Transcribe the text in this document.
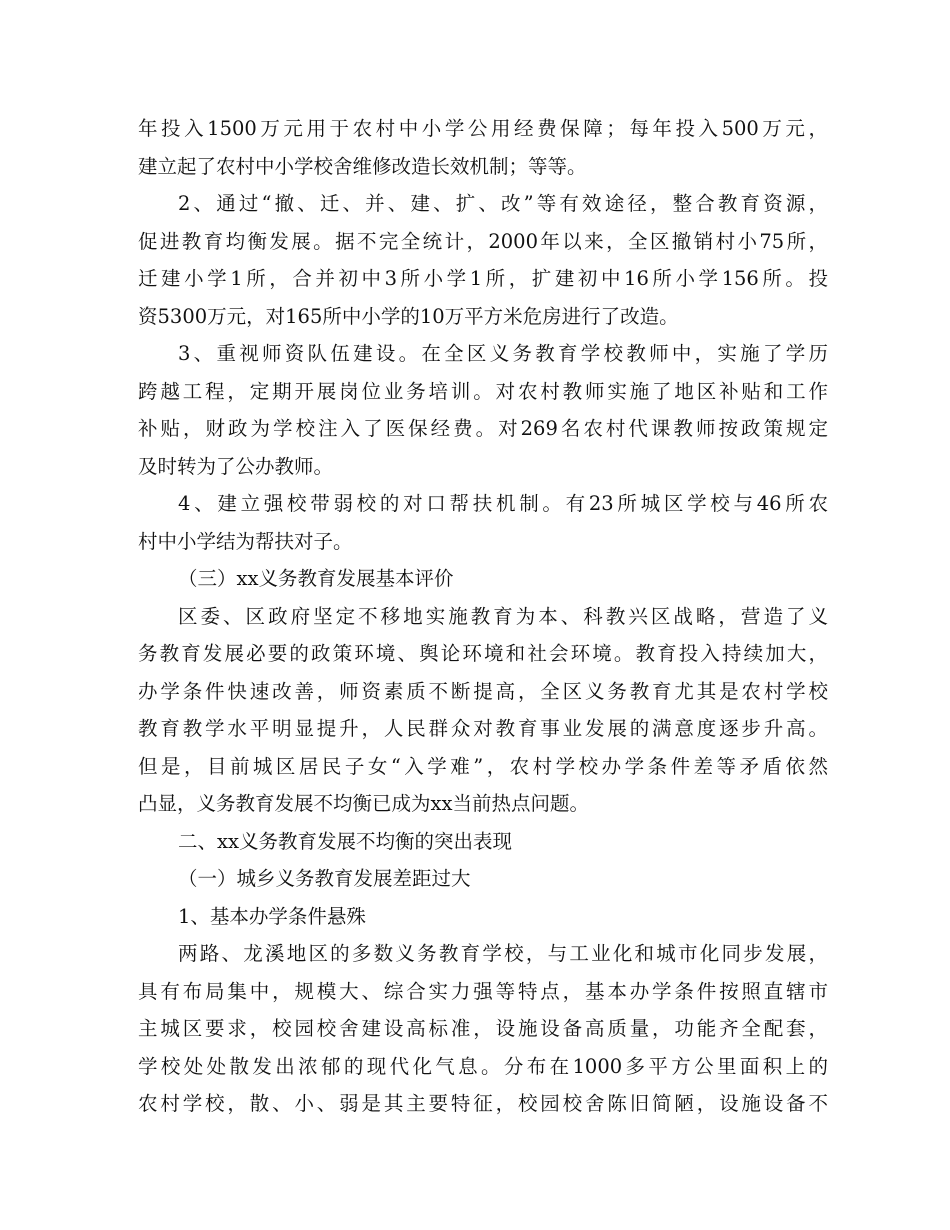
年投入1500万元用于农村中小学公用经费保障；每年投入500万元，
建立起了农村中小学校舍维修改造长效机制；等等。
2、通过“撤、迁、并、建、扩、改”等有效途径，整合教育资源，
促进教育均衡发展。据不完全统计，2000年以来，全区撤销村小75所，
迁建小学1所，合并初中3所小学1所，扩建初中16所小学156所。投
资5300万元，对165所中小学的10万平方米危房进行了改造。
3、重视师资队伍建设。在全区义务教育学校教师中，实施了学历
跨越工程，定期开展岗位业务培训。对农村教师实施了地区补贴和工作
补贴，财政为学校注入了医保经费。对269名农村代课教师按政策规定
及时转为了公办教师。
4、建立强校带弱校的对口帮扶机制。有23所城区学校与46所农
村中小学结为帮扶对子。
（三）xx义务教育发展基本评价
区委、区政府坚定不移地实施教育为本、科教兴区战略，营造了义
务教育发展必要的政策环境、舆论环境和社会环境。教育投入持续加大，
办学条件快速改善，师资素质不断提高，全区义务教育尤其是农村学校
教育教学水平明显提升，人民群众对教育事业发展的满意度逐步升高。
但是，目前城区居民子女“入学难”，农村学校办学条件差等矛盾依然
凸显，义务教育发展不均衡已成为xx当前热点问题。
二、xx义务教育发展不均衡的突出表现
（一）城乡义务教育发展差距过大
1、基本办学条件悬殊
两路、龙溪地区的多数义务教育学校，与工业化和城市化同步发展，
具有布局集中，规模大、综合实力强等特点，基本办学条件按照直辖市
主城区要求，校园校舍建设高标准，设施设备高质量，功能齐全配套，
学校处处散发出浓郁的现代化气息。分布在1000多平方公里面积上的
农村学校，散、小、弱是其主要特征，校园校舍陈旧简陋，设施设备不
